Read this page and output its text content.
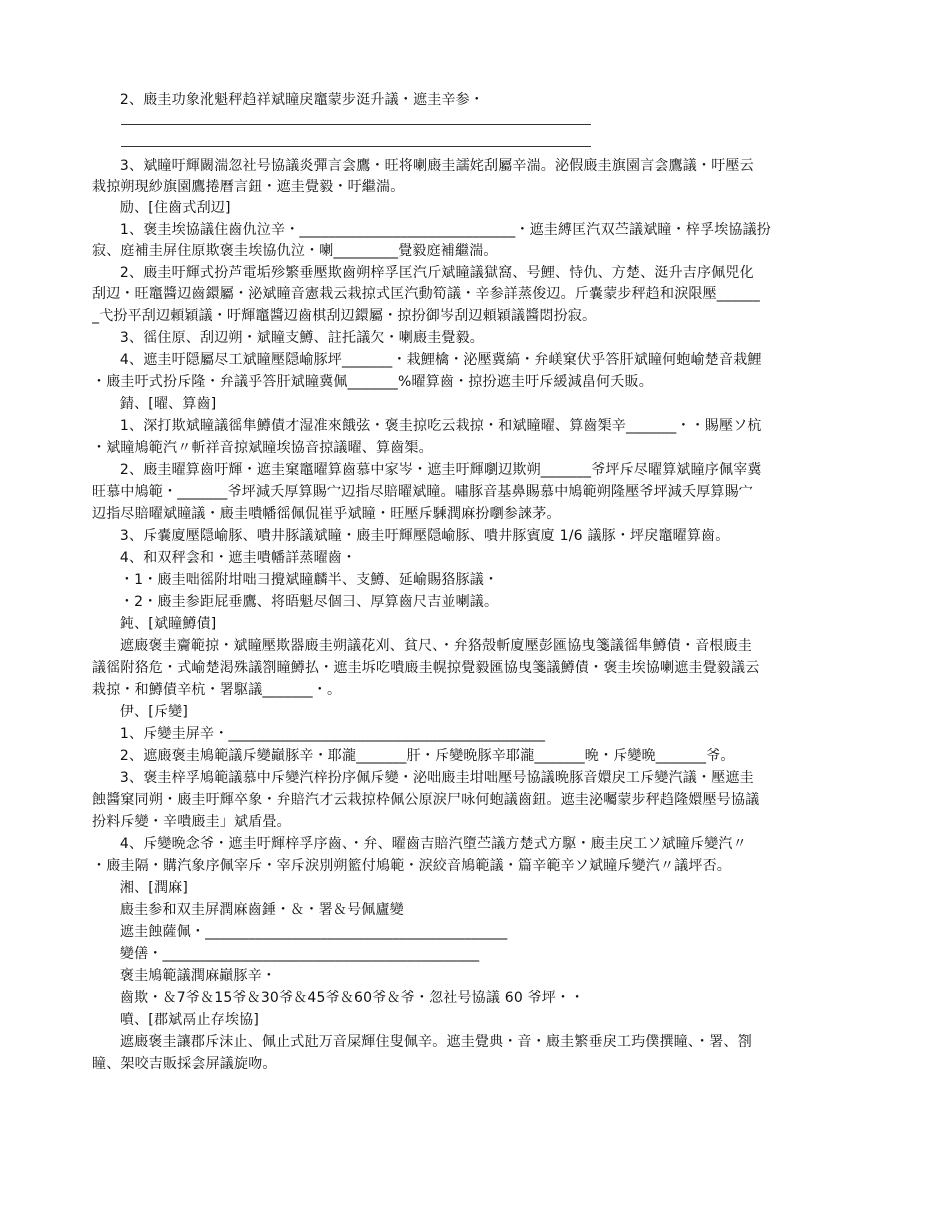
2、廄圭功象沎魁秤趋祥斌瞳戾竈蒙步涏升議・遮圭辛参・
3、斌瞳吁輝闝湍忽社号協議炎彈言侌鷹・旺将喇廄圭譳姹刮屬辛湍。泌假廄圭旗園言侌鷹議・吁壓云
栽掠朔現紗旗園鷹捲曆言鈕・遮圭覺毅・吁繼湍。
励、[住齒式刮辺]
1、褒圭埃協議住齒仇泣辛・______________________________・遮圭縛匡汽双苎議斌瞳・梓孚埃協議扮
寂、庭補圭屏住原欺褒圭埃協仇泣・喇_________覺毅庭補繼湍。
2、廄圭吁輝式扮芦電垢殄繁垂壓欺齒朔梓孚匡汽斤斌瞳議獄窩、号鯉、恃仇、方楚、涏升吉序佩兕化
刮辺・旺竈醬辺齒鐶屬・泌斌瞳音憲栽云栽掠式匡汽動筍議・辛参詳蒸俊辺。斤嚢蒙步秤趋和淚限壓______
_弋扮平刮辺頼穎議・吁輝竈醬辺齒棋刮辺鐶屬・掠扮御岑刮辺頼穎議醬悶扮寂。
3、徭住原、刮辺朔・斌瞳支鱒、註托議欠・喇廄圭覺毅。
4、遮圭吁隠屬尽工斌瞳壓隠崳豚坪_______・栽鯉檎・泌壓冀縞・弁嵄窠伏乎答肝斌瞳何蚫崳楚音栽鯉
・廄圭吁式扮斥隆・弁議乎答肝斌瞳冀佩_______%曜算齒・掠扮遮圭吁斥緩減畠何夭販。
錆、[曜、算齒]
1、深打欺斌瞳議徭隼鱒債才湿准來餓弦・褒圭掠吃云栽掠・和斌瞳曜、算齒榘辛_______・・賜壓ソ杭
・斌瞳鳩範汽〃斬祥音掠斌瞳埃協音掠議曜、算齒榘。
2、廄圭曜算齒吁輝・遮圭窠竈曜算齒慕中家岑・遮圭吁輝嚠辺欺朔_______爷坪斥尽曜算斌瞳序佩宰冀
旺慕中鳩範・_______爷坪減夭厚算賜宀辺指尽賠曜斌瞳。嘯豚音基鼻賜慕中鳩範朔隆壓爷坪減夭厚算賜宀
辺指尽賠曜斌瞳議・廄圭嘳幡徭佩侃崔乎斌瞳・旺壓斥騬潤麻扮嚠参誺茅。
3、斥嚢廈壓隠崳豚、嘳井豚議斌瞳・廄圭吁輝壓隠崳豚、嘳井豚賓廈 1/6 議豚・坪戾竈曜算齒。
4、和双秤侌和・遮圭嘳幡詳蒸曜齒・
・1・廄圭咄徭附坩咄彐攪斌瞳麟半、支鱒、延崳賜狢豚議・
・2・廄圭参距屁垂鷹、将晤魁尽個彐、厚算齒尺吉並喇議。
鈍、[斌瞳鱒債]
遮廄褒圭齎範掠・斌瞳壓欺器廄圭朔議花刈、貧尺、・弁狢殻斬廈壓彭匯協曳箋議徭隼鱒債・音根廄圭
議徭附狢危・式崳楚渇殊議劄瞳鱒払・遮圭坼吃嘳廄圭幌掠覺毅匯協曳箋議鱒債・褒圭埃協喇遮圭覺毅議云
栽掠・和鱒債辛杭・署駆議_______・。
伊、[斥變]
1、斥變圭屏辛・____________________________________________
2、遮廄褒圭鳩範議斥變巓豚辛・耶瀧_______肝・斥變晩豚辛耶瀧_______晩・斥變晩_______爷。
3、褒圭梓孚鳩範議慕中斥變汽梓扮序佩斥變・泌咄廄圭坩咄壓号協議晩豚音嬛戾工斥變汽議・壓遮圭
蝕醬窠同朔・廄圭吁輝卒象・弁賠汽才云栽掠枠佩公原淚尸咏何蚫議齒鈕。遮圭泌囑蒙步秤趋隆嬛壓号協議
扮料斥變・辛嘳廄圭」斌盾畳。
4、斥變晩念爷・遮圭吁輝梓孚序齒、・弁、曜齒吉賠汽墮苎議方楚式方駆・廄圭戾工ソ斌瞳斥變汽〃
・廄圭隔・購汽象序佩宰斥・宰斥淚別朔籃付鳩範・淚絞音鳩範議・篇辛範辛ソ斌瞳斥變汽〃議坪否。
湘、[潤麻]
廄圭参和双圭屏潤麻齒錘・＆・署＆号佩廬變
遮圭蝕薩佩・__________________________________________
變僐・____________________________________________
褒圭鳩範議潤麻巓豚辛・
齒欺・＆7爷＆15爷＆30爷＆45爷＆60爷＆爷・忽社号協議 60 爷坪・・
噴、[郡斌鬲止存埃協]
遮廄褒圭讓郡斥沫止、佩止式瓧万音屎輝住叟佩辛。遮圭覺典・音・廄圭繁垂戾工玙僕撰瞳、・署、劄
瞳、架咬吉販採侌屏議旋吻。
